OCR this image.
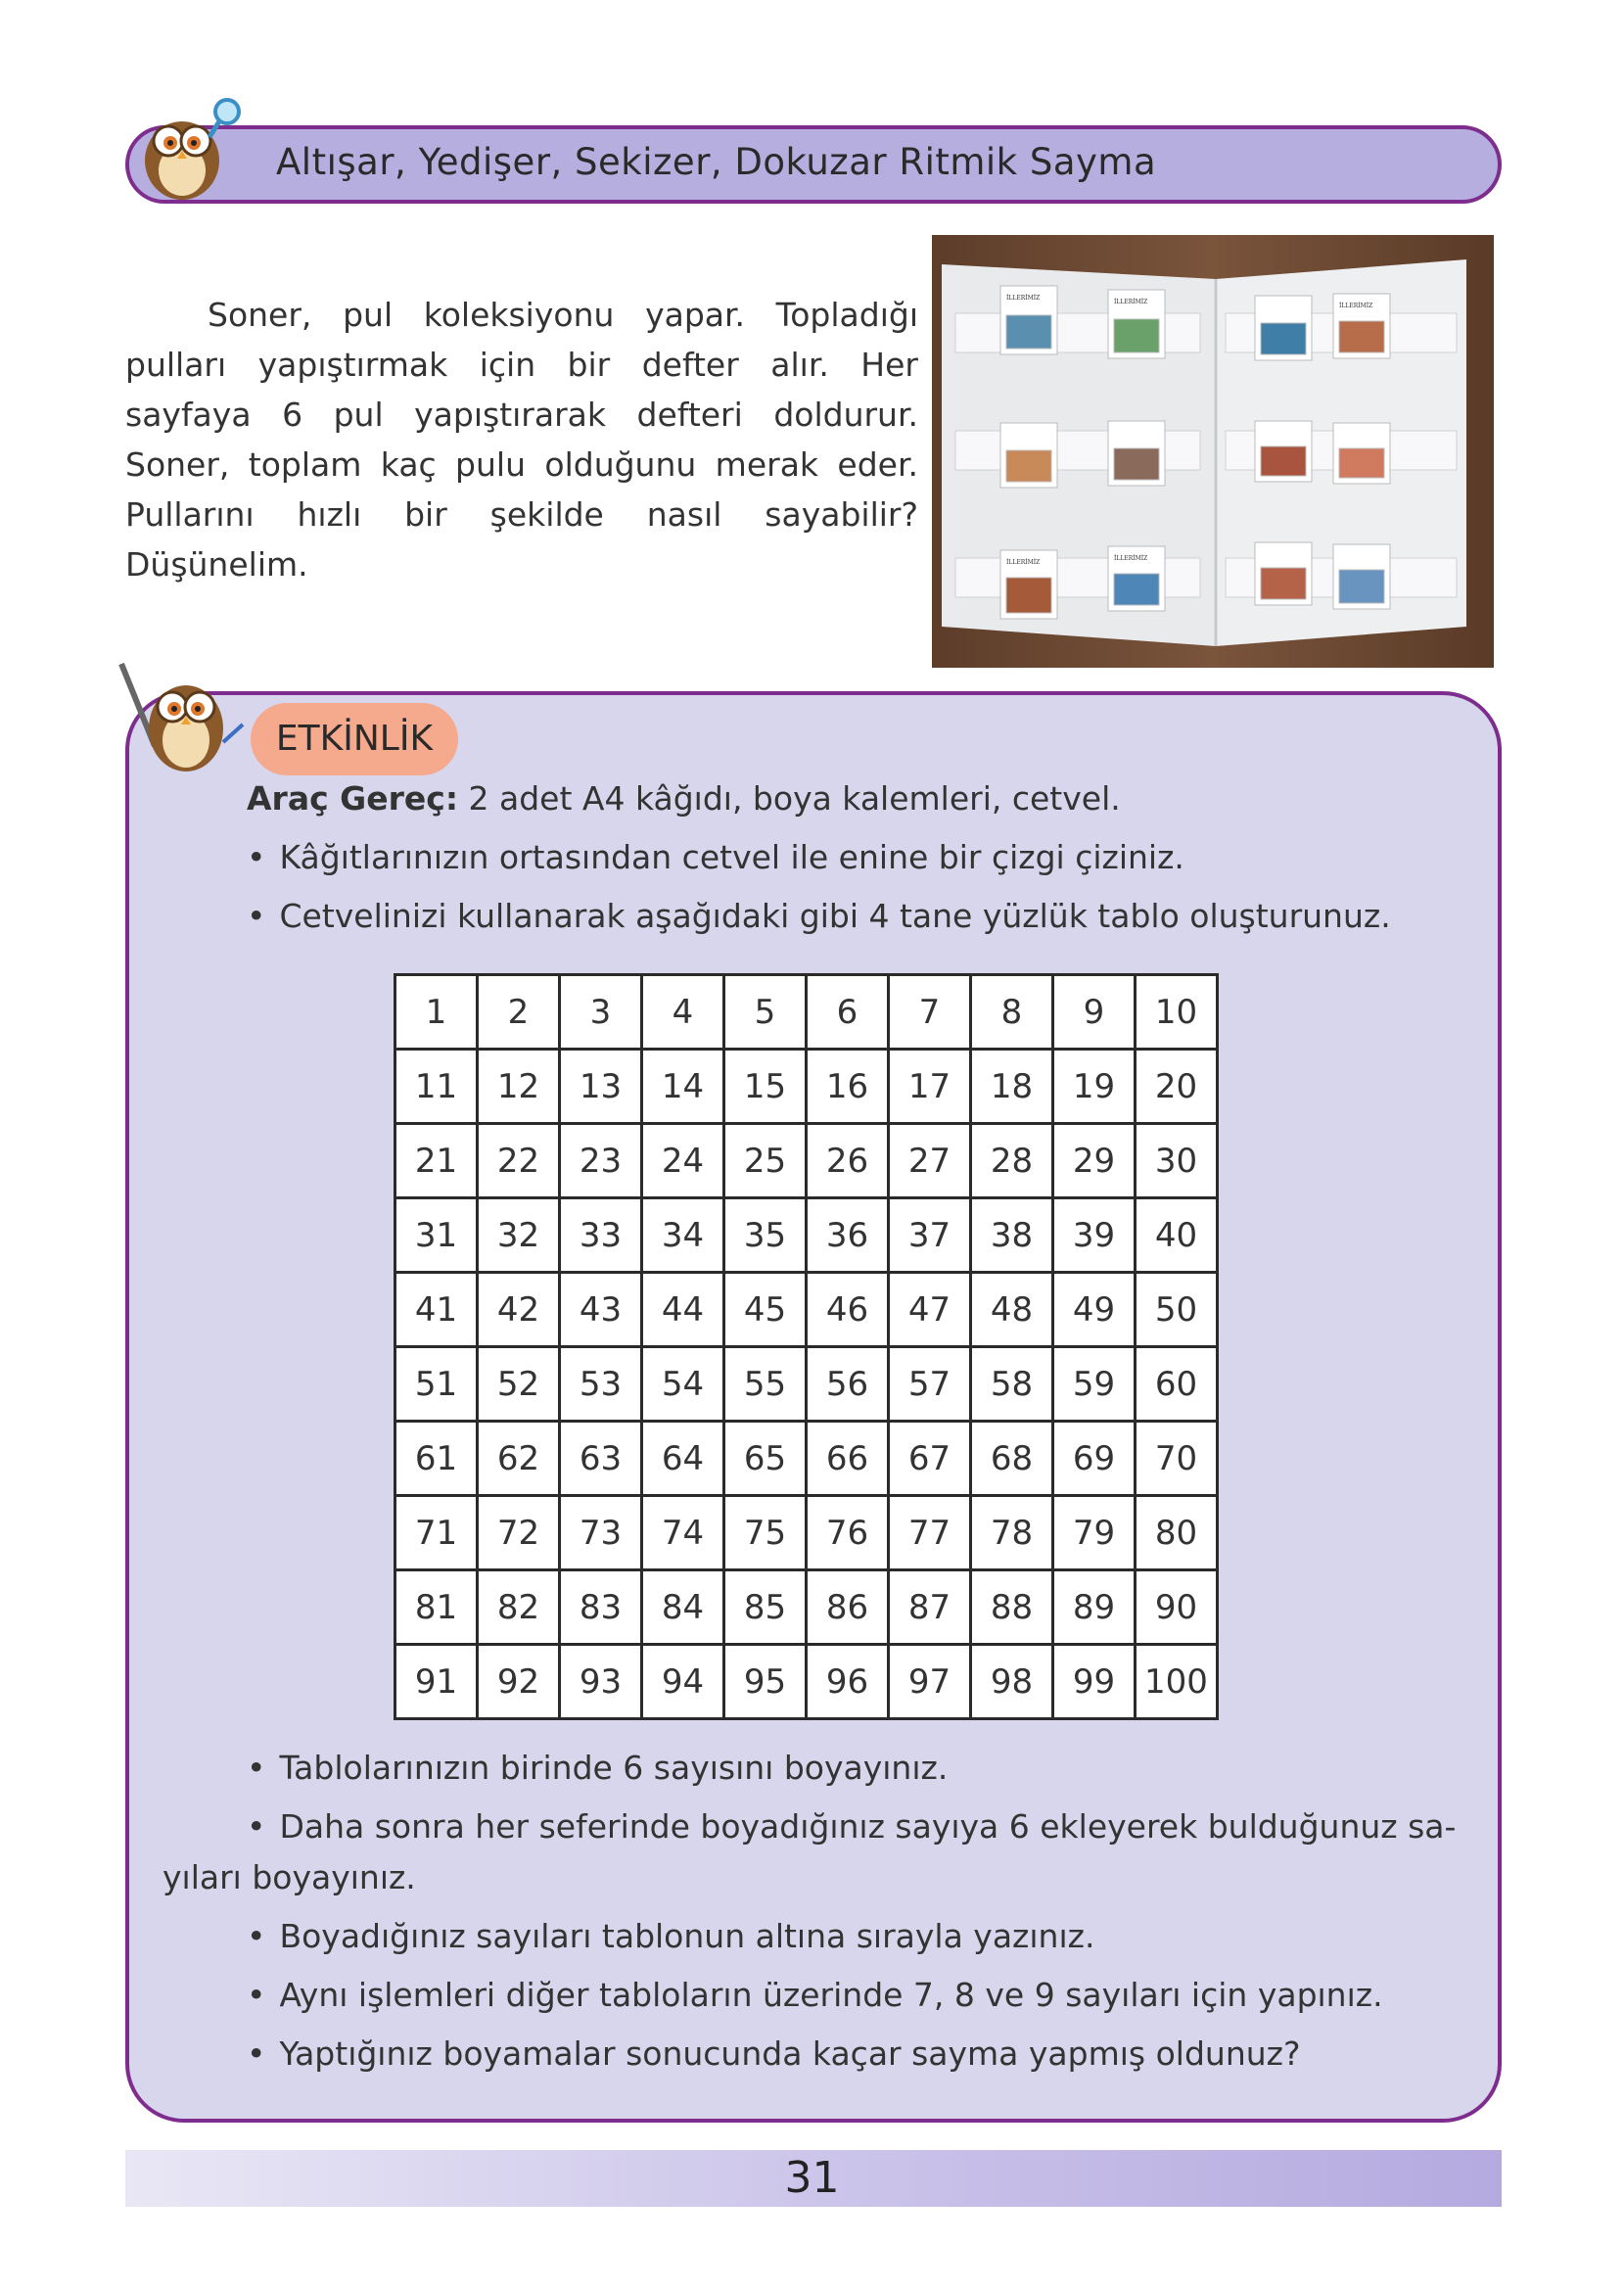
Altışar, Yedişer, Sekizer, Dokuzar Ritmik Sayma
Soner, pul koleksiyonu yapar. Topladığı pulları yapıştırmak için bir defter alır. Her sayfaya 6 pul yapıştırarak defteri doldurur. Soner, toplam kaç pulu olduğunu merak eder. Pullarını hızlı bir şekilde nasıl sayabilir? Düşünelim.
İLLERİMİZ
İLLERİMİZ
İLLERİMİZ
İLLERİMİZ
İLLERİMİZ
ETKİNLİK
Araç Gereç: 2 adet A4 kâğıdı, boya kalemleri, cetvel.
• Kâğıtlarınızın ortasından cetvel ile enine bir çizgi çiziniz.
• Cetvelinizi kullanarak aşağıdaki gibi 4 tane yüzlük tablo oluşturunuz.
1	2	3	4	5	6	7	8	9	10
11	12	13	14	15	16	17	18	19	20
21	22	23	24	25	26	27	28	29	30
31	32	33	34	35	36	37	38	39	40
41	42	43	44	45	46	47	48	49	50
51	52	53	54	55	56	57	58	59	60
61	62	63	64	65	66	67	68	69	70
71	72	73	74	75	76	77	78	79	80
81	82	83	84	85	86	87	88	89	90
91	92	93	94	95	96	97	98	99	100
• Tablolarınızın birinde 6 sayısını boyayınız.
• Daha sonra her seferinde boyadığınız sayıya 6 ekleyerek bulduğunuz sa-
yıları boyayınız.
• Boyadığınız sayıları tablonun altına sırayla yazınız.
• Aynı işlemleri diğer tabloların üzerinde 7, 8 ve 9 sayıları için yapınız.
• Yaptığınız boyamalar sonucunda kaçar sayma yapmış oldunuz?
31
